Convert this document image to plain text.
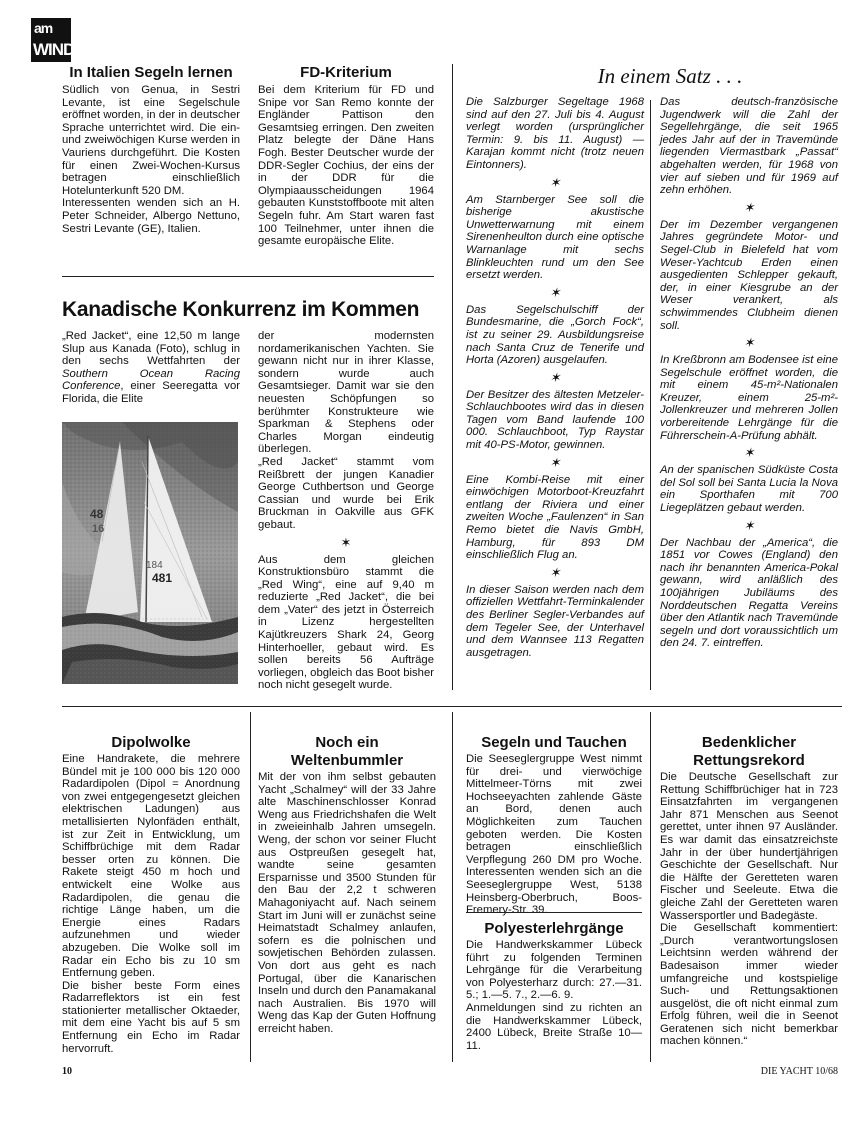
am
WIND
In Italien Segeln lernen

Südlich von Genua, in Sestri Levante, ist eine Segelschule eröffnet worden, in der in deutscher Sprache unterrichtet wird. Die ein- und zweiwöchigen Kurse werden in Vauriens durchgeführt. Die Kosten für einen Zwei-Wochen-Kursus betragen einschließlich Hotelunterkunft 520 DM.

Interessenten wenden sich an H. Peter Schneider, Albergo Nettuno, Sestri Levante (GE), Italien.

FD-Kriterium

Bei dem Kriterium für FD und Snipe vor San Remo konnte der Engländer Pattison den Gesamtsieg erringen. Den zweiten Platz belegte der Däne Hans Fogh. Bester Deutscher wurde der DDR-Segler Cochius, der eins der in der DDR für die Olympiaausscheidungen 1964 gebauten Kunststoffboote mit alten Segeln fuhr. Am Start waren fast 100 Teilnehmer, unter ihnen die gesamte europäische Elite.

Kanadische Konkurrenz im Kommen

„Red Jacket“, eine 12,50 m lange Slup aus Kanada (Foto), schlug in den sechs Wettfahrten der Southern Ocean Racing Conference, einer Seeregatta vor Florida, die Elite

48
16
184
481

der modernsten nordamerikanischen Yachten. Sie gewann nicht nur in ihrer Klasse, sondern wurde auch Gesamtsieger. Damit war sie den neuesten Schöpfungen so berühmter Konstrukteure wie Sparkman & Stephens oder Charles Morgan eindeutig überlegen.

„Red Jacket“ stammt vom Reißbrett der jungen Kanadier George Cuthbertson und George Cassian und wurde bei Erik Bruckman in Oakville aus GFK gebaut.

✶

Aus dem gleichen Konstruktionsbüro stammt die „Red Wing“, eine auf 9,40 m reduzierte „Red Jacket“, die bei dem „Vater“ des jetzt in Österreich in Lizenz hergestellten Kajütkreuzers Shark 24, Georg Hinterhoeller, gebaut wird. Es sollen bereits 56 Aufträge vorliegen, obgleich das Boot bisher noch nicht gesegelt wurde.

In einem Satz . . .

Die Salzburger Segeltage 1968 sind auf den 27. Juli bis 4. August verlegt worden (ursprünglicher Termin: 9. bis 11. August) — Karajan kommt nicht (trotz neuen Eintonners).

✶

Am Starnberger See soll die bisherige akustische Unwetterwarnung mit einem Sirenenheulton durch eine optische Warnanlage mit sechs Blinkleuchten rund um den See ersetzt werden.

✶

Das Segelschulschiff der Bundesmarine, die „Gorch Fock“, ist zu seiner 29. Ausbildungsreise nach Santa Cruz de Tenerife und Horta (Azoren) ausgelaufen.

✶

Der Besitzer des ältesten Metzeler-Schlauchbootes wird das in diesen Tagen vom Band laufende 100 000. Schlauchboot, Typ Raystar mit 40-PS-Motor, gewinnen.

✶

Eine Kombi-Reise mit einer einwöchigen Motorboot-Kreuzfahrt entlang der Riviera und einer zweiten Woche „Faulenzen“ in San Remo bietet die Navis GmbH, Hamburg, für 893 DM einschließlich Flug an.

✶

In dieser Saison werden nach dem offiziellen Wettfahrt-Terminkalender des Berliner Segler-Verbandes auf dem Tegeler See, der Unterhavel und dem Wannsee 113 Regatten ausgetragen.

Das deutsch-französische Jugendwerk will die Zahl der Segellehrgänge, die seit 1965 jedes Jahr auf der in Travemünde liegenden Viermastbark „Passat“ abgehalten werden, für 1968 von vier auf sieben und für 1969 auf zehn erhöhen.

✶

Der im Dezember vergangenen Jahres gegründete Motor- und Segel-Club in Bielefeld hat vom Weser-Yachtcub Erden einen ausgedienten Schlepper gekauft, der, in einer Kiesgrube an der Weser verankert, als schwimmendes Clubheim dienen soll.

✶

In Kreßbronn am Bodensee ist eine Segelschule eröffnet worden, die mit einem 45-m²-Nationalen Kreuzer, einem 25-m²-Jollenkreuzer und mehreren Jollen vorbereitende Lehrgänge für die Führerschein-A-Prüfung abhält.

✶

An der spanischen Südküste Costa del Sol soll bei Santa Lucia la Nova ein Sporthafen mit 700 Liegeplätzen gebaut werden.

✶

Der Nachbau der „America“, die 1851 vor Cowes (England) den nach ihr benannten America-Pokal gewann, wird anläßlich des 100jährigen Jubiläums des Norddeutschen Regatta Vereins über den Atlantik nach Travemünde segeln und dort voraussichtlich um den 24. 7. eintreffen.

Dipolwolke

Eine Handrakete, die mehrere Bündel mit je 100 000 bis 120 000 Radardipolen (Dipol = Anordnung von zwei entgegengesetzt gleichen elektrischen Ladungen) aus metallisierten Nylonfäden enthält, ist zur Zeit in Entwicklung, um Schiffbrüchige mit dem Radar besser orten zu können. Die Rakete steigt 450 m hoch und entwickelt eine Wolke aus Radardipolen, die genau die richtige Länge haben, um die Energie eines Radars aufzunehmen und wieder abzugeben. Die Wolke soll im Radar ein Echo bis zu 10 sm Entfernung geben.

Die bisher beste Form eines Radarreflektors ist ein fest stationierter metallischer Oktaeder, mit dem eine Yacht bis auf 5 sm Entfernung ein Echo im Radar hervorruft.

Noch ein Weltenbummler

Mit der von ihm selbst gebauten Yacht „Schalmey“ will der 33 Jahre alte Maschinenschlosser Konrad Weng aus Friedrichshafen die Welt in zweieinhalb Jahren umsegeln. Weng, der schon vor seiner Flucht aus Ostpreußen gesegelt hat, wandte seine gesamten Ersparnisse und 3500 Stunden für den Bau der 2,2 t schweren Mahagoniyacht auf. Nach seinem Start im Juni will er zunächst seine Heimatstadt Schalmey anlaufen, sofern es die polnischen und sowjetischen Behörden zulassen. Von dort aus geht es nach Portugal, über die Kanarischen Inseln und durch den Panamakanal nach Australien. Bis 1970 will Weng das Kap der Guten Hoffnung erreicht haben.

Segeln und Tauchen

Die Seeseglergruppe West nimmt für drei- und vierwöchige Mittelmeer-Törns mit zwei Hochseeyachten zahlende Gäste an Bord, denen auch Möglichkeiten zum Tauchen geboten werden. Die Kosten betragen einschließlich Verpflegung 260 DM pro Woche. Interessenten wenden sich an die Seeseglergruppe West, 5138 Heinsberg-Oberbruch, Boos-Fremery-Str. 39.

Polyesterlehrgänge

Die Handwerkskammer Lübeck führt zu folgenden Terminen Lehrgänge für die Verarbeitung von Polyesterharz durch: 27.—31. 5.; 1.—5. 7., 2.—6. 9.

Anmeldungen sind zu richten an die Handwerkskammer Lübeck, 2400 Lübeck, Breite Straße 10—11.

Bedenklicher Rettungsrekord

Die Deutsche Gesellschaft zur Rettung Schiffbrüchiger hat in 723 Einsatzfahrten im vergangenen Jahr 871 Menschen aus Seenot gerettet, unter ihnen 97 Ausländer. Es war damit das einsatzreichste Jahr in der über hundertjährigen Geschichte der Gesellschaft. Nur die Hälfte der Geretteten waren Fischer und Seeleute. Etwa die gleiche Zahl der Geretteten waren Wassersportler und Badegäste.

Die Gesellschaft kommentiert: „Durch verantwortungslosen Leichtsinn werden während der Badesaison immer wieder umfangreiche und kostspielige Such- und Rettungsaktionen ausgelöst, die oft nicht einmal zum Erfolg führen, weil die in Seenot Geratenen sich nicht bemerkbar machen können.“

10	DIE YACHT 10/68
